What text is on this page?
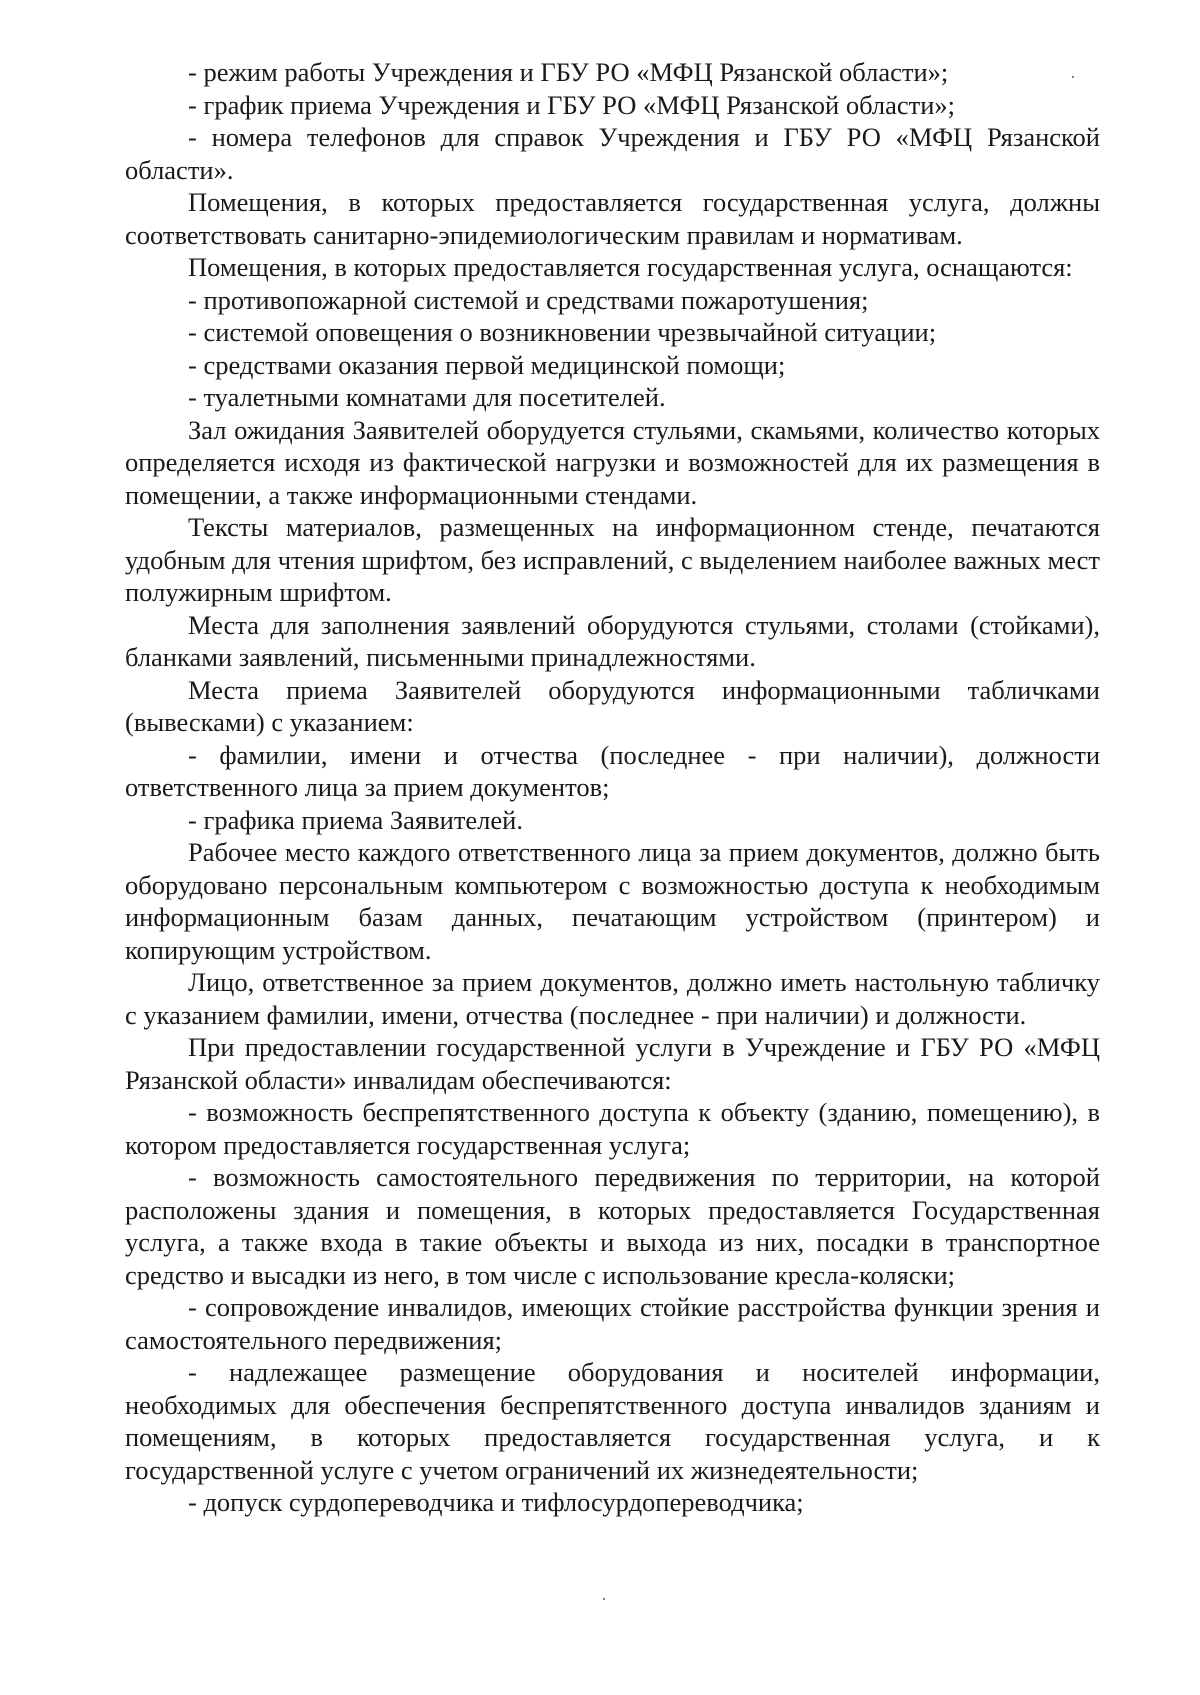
- режим работы Учреждения и ГБУ РО «МФЦ Рязанской области»;

- график приема Учреждения и ГБУ РО «МФЦ Рязанской области»;

- номера телефонов для справок Учреждения и ГБУ РО «МФЦ Рязанской области».

Помещения, в которых предоставляется государственная услуга, должны соответствовать санитарно-эпидемиологическим правилам и нормативам.

Помещения, в которых предоставляется государственная услуга, оснащаются:

- противопожарной системой и средствами пожаротушения;

- системой оповещения о возникновении чрезвычайной ситуации;

- средствами оказания первой медицинской помощи;

- туалетными комнатами для посетителей.

Зал ожидания Заявителей оборудуется стульями, скамьями, количество которых определяется исходя из фактической нагрузки и возможностей для их размещения в помещении, а также информационными стендами.

Тексты материалов, размещенных на информационном стенде, печатаются удобным для чтения шрифтом, без исправлений, с выделением наиболее важных мест полужирным шрифтом.

Места для заполнения заявлений оборудуются стульями, столами (стойками), бланками заявлений, письменными принадлежностями.

Места приема Заявителей оборудуются информационными табличками (вывесками) с указанием:

- фамилии, имени и отчества (последнее - при наличии), должности ответственного лица за прием документов;

- графика приема Заявителей.

Рабочее место каждого ответственного лица за прием документов, должно быть оборудовано персональным компьютером с возможностью доступа к необходимым информационным базам данных, печатающим устройством (принтером) и копирующим устройством.

Лицо, ответственное за прием документов, должно иметь настольную табличку с указанием фамилии, имени, отчества (последнее - при наличии) и должности.

При предоставлении государственной услуги в Учреждение и ГБУ РО «МФЦ Рязанской области» инвалидам обеспечиваются:

- возможность беспрепятственного доступа к объекту (зданию, помещению), в котором предоставляется государственная услуга;

- возможность самостоятельного передвижения по территории, на которой расположены здания и помещения, в которых предоставляется Государственная услуга, а также входа в такие объекты и выхода из них, посадки в транспортное средство и высадки из него, в том числе с использование кресла-коляски;

- сопровождение инвалидов, имеющих стойкие расстройства функции зрения и самостоятельного передвижения;

- надлежащее размещение оборудования и носителей информации, необходимых для обеспечения беспрепятственного доступа инвалидов зданиям и помещениям, в которых предоставляется государственная услуга, и к государственной услуге с учетом ограничений их жизнедеятельности;

- допуск сурдопереводчика и тифлосурдопереводчика;
